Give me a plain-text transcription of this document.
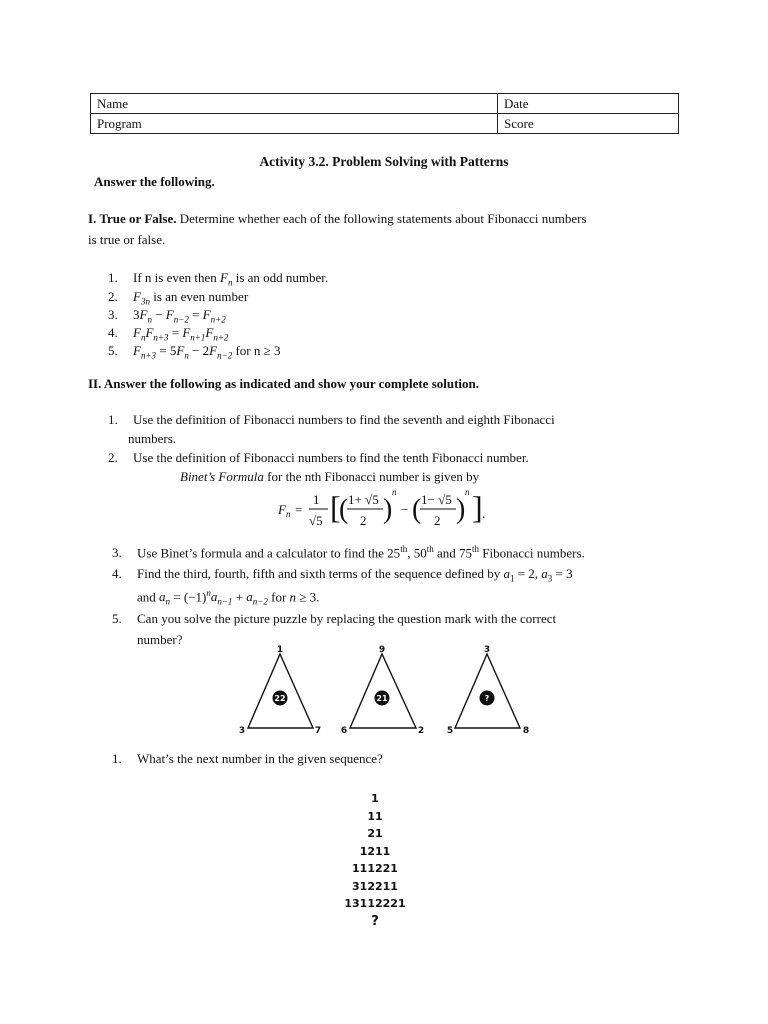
Name	Date
Program	Score
Activity 3.2. Problem Solving with Patterns
Answer the following.
I. True or False. Determine whether each of the following statements about Fibonacci numbers
is true or false.
1. If n is even then $F_n$ is an odd number.
2. $F_{3n}$ is an even number
3. $3F_n - F_{n-2} = F_{n+2}$
4. $F_nF_{n+3} = F_{n+1}F_{n+2}$
5. $F_{n+3} = 5F_n - 2F_{n-2}$ for n ≥ 3
II. Answer the following as indicated and show your complete solution.
1. Use the definition of Fibonacci numbers to find the seventh and eighth Fibonacci
numbers.
2. Use the definition of Fibonacci numbers to find the tenth Fibonacci number.
Binet’s Formula for the nth Fibonacci number is given by
F n =
1
√5 [
( 1+ √5
2 )
n
− ( 1− √5
2 )
n ] .
3. Use Binet’s formula and a calculator to find the 25th, 50th and 75th Fibonacci numbers.
4. Find the third, fourth, fifth and sixth terms of the sequence defined by $a_1 = 2$, $a_3 = 3$
and $a_n = (-1)^na_{n-1} + a_{n-2}$ for n ≥ 3.
5. Can you solve the picture puzzle by replacing the question mark with the correct
number?
1
3	7
22
9
6	2
21
3
5	8
?
1. What’s the next number in the given sequence?
1
11
21
1211
111221
312211
13112221
?
